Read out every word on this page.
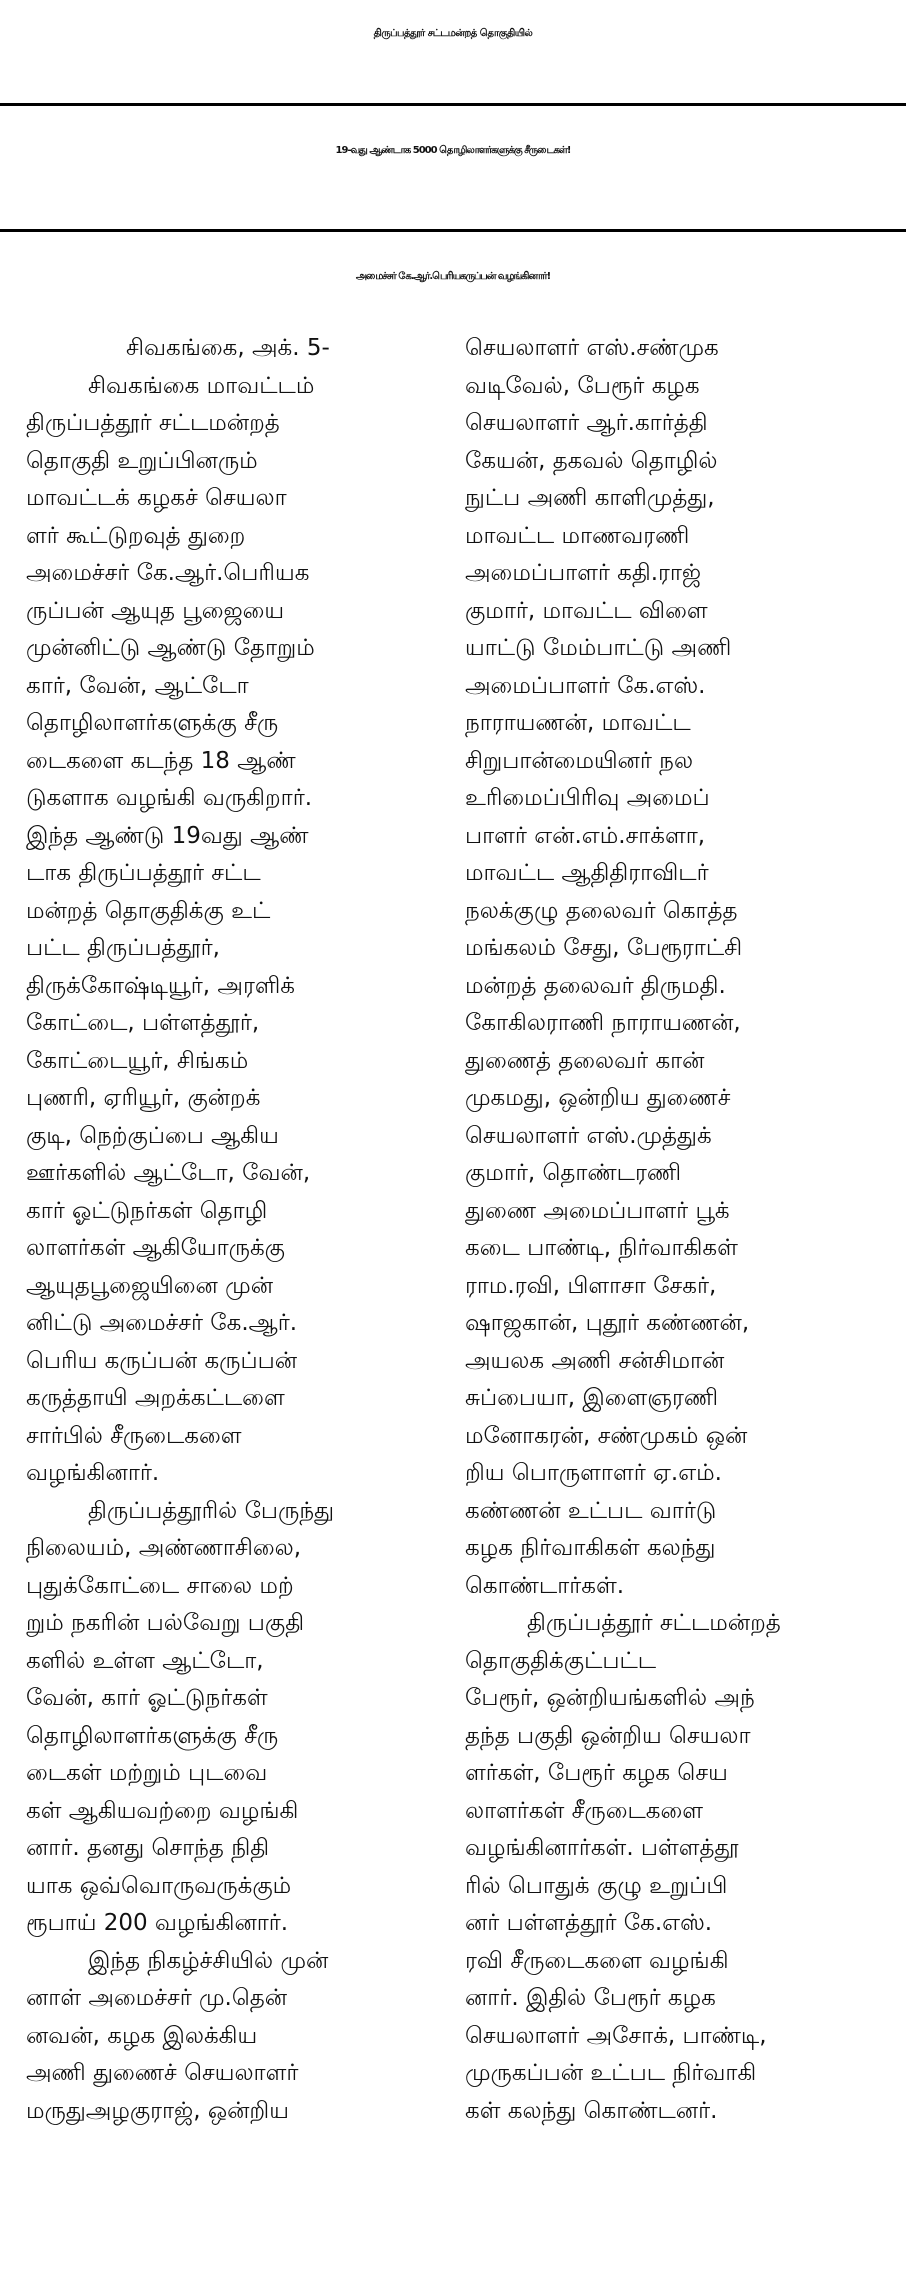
திருப்பத்தூர் சட்டமன்றத் தொகுதியில்
19-வது ஆண்டாக 5000 தொழிலாளர்களுக்கு சீருடைகள்!
அமைச்சர் கே.ஆர்.பெரியகருப்பன் வழங்கினார்!
சிவகங்கை, அக். 5-
சிவகங்கை மாவட்டம்
திருப்பத்தூர் சட்டமன்றத்
தொகுதி உறுப்பினரும்
மாவட்டக் கழகச் செயலா
ளர் கூட்டுறவுத் துறை
அமைச்சர் கே.ஆர்.பெரியக
ருப்பன் ஆயுத பூஜையை
முன்னிட்டு ஆண்டு தோறும்
கார், வேன், ஆட்டோ
தொழிலாளர்களுக்கு சீரு
டைகளை கடந்த 18 ஆண்
டுகளாக வழங்கி வருகிறார்.
இந்த ஆண்டு 19வது ஆண்
டாக திருப்பத்தூர் சட்ட
மன்றத் தொகுதிக்கு உட்
பட்ட திருப்பத்தூர்,
திருக்கோஷ்டியூர், அரளிக்
கோட்டை, பள்ளத்தூர்,
கோட்டையூர், சிங்கம்
புணரி, ஏரியூர், குன்றக்
குடி, நெற்குப்பை ஆகிய
ஊர்களில் ஆட்டோ, வேன்,
கார் ஓட்டுநர்கள் தொழி
லாளர்கள் ஆகியோருக்கு
ஆயுதபூஜையினை முன்
னிட்டு அமைச்சர் கே.ஆர்.
பெரிய கருப்பன் கருப்பன்
கருத்தாயி அறக்கட்டளை
சார்பில் சீருடைகளை
வழங்கினார்.
திருப்பத்தூரில் பேருந்து
நிலையம், அண்ணாசிலை,
புதுக்கோட்டை சாலை மற்
றும் நகரின் பல்வேறு பகுதி
களில் உள்ள ஆட்டோ,
வேன், கார் ஓட்டுநர்கள்
தொழிலாளர்களுக்கு சீரு
டைகள் மற்றும் புடவை
கள் ஆகியவற்றை வழங்கி
னார். தனது சொந்த நிதி
யாக ஒவ்வொருவருக்கும்
ரூபாய் 200 வழங்கினார்.
இந்த நிகழ்ச்சியில் முன்
னாள் அமைச்சர் மு.தென்
னவன், கழக இலக்கிய
அணி துணைச் செயலாளர்
மருதுஅழகுராஜ், ஒன்றிய
செயலாளர் எஸ்.சண்முக
வடிவேல், பேரூர் கழக
செயலாளர் ஆர்.கார்த்தி
கேயன், தகவல் தொழில்
நுட்ப அணி காளிமுத்து,
மாவட்ட மாணவரணி
அமைப்பாளர் கதி.ராஜ்
குமார், மாவட்ட விளை
யாட்டு மேம்பாட்டு அணி
அமைப்பாளர் கே.எஸ்.
நாராயணன், மாவட்ட
சிறுபான்மையினர் நல
உரிமைப்பிரிவு அமைப்
பாளர் என்.எம்.சாக்ளா,
மாவட்ட ஆதிதிராவிடர்
நலக்குழு தலைவர் கொத்த
மங்கலம் சேது, பேரூராட்சி
மன்றத் தலைவர் திருமதி.
கோகிலராணி நாராயணன்,
துணைத் தலைவர் கான்
முகமது, ஒன்றிய துணைச்
செயலாளர் எஸ்.முத்துக்
குமார், தொண்டரணி
துணை அமைப்பாளர் பூக்
கடை பாண்டி, நிர்வாகிகள்
ராம.ரவி, பிளாசா சேகர்,
ஷாஜகான், புதூர் கண்ணன்,
அயலக அணி சன்சிமான்
சுப்பையா, இளைஞரணி
மனோகரன், சண்முகம் ஒன்
றிய பொருளாளர் ஏ.எம்.
கண்ணன் உட்பட வார்டு
கழக நிர்வாகிகள் கலந்து
கொண்டார்கள்.
திருப்பத்தூர் சட்டமன்றத்
தொகுதிக்குட்பட்ட
பேரூர், ஒன்றியங்களில் அந்
தந்த பகுதி ஒன்றிய செயலா
ளர்கள், பேரூர் கழக செய
லாளர்கள் சீருடைகளை
வழங்கினார்கள். பள்ளத்தூ
ரில் பொதுக் குழு உறுப்பி
னர் பள்ளத்தூர் கே.எஸ்.
ரவி சீருடைகளை வழங்கி
னார். இதில் பேரூர் கழக
செயலாளர் அசோக், பாண்டி,
முருகப்பன் உட்பட நிர்வாகி
கள் கலந்து கொண்டனர்.
